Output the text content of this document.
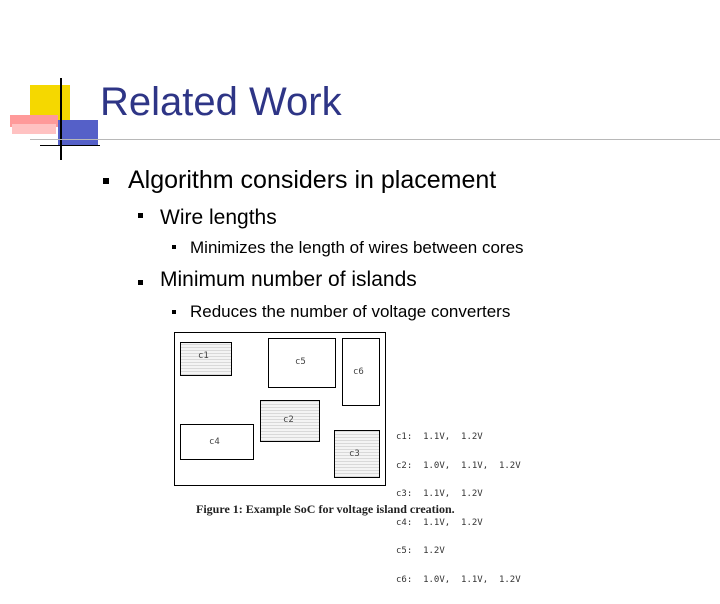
Related Work
Algorithm considers in placement
Wire lengths
Minimizes the length of wires between cores
Minimum number of islands
Reduces the number of voltage converters
c1
c2
c3
c4
c5
c6

c1:  1.1V,  1.2V

c2:  1.0V,  1.1V,  1.2V

c3:  1.1V,  1.2V

c4:  1.1V,  1.2V

c5:  1.2V

c6:  1.0V,  1.1V,  1.2V

Figure 1: Example SoC for voltage island creation.
